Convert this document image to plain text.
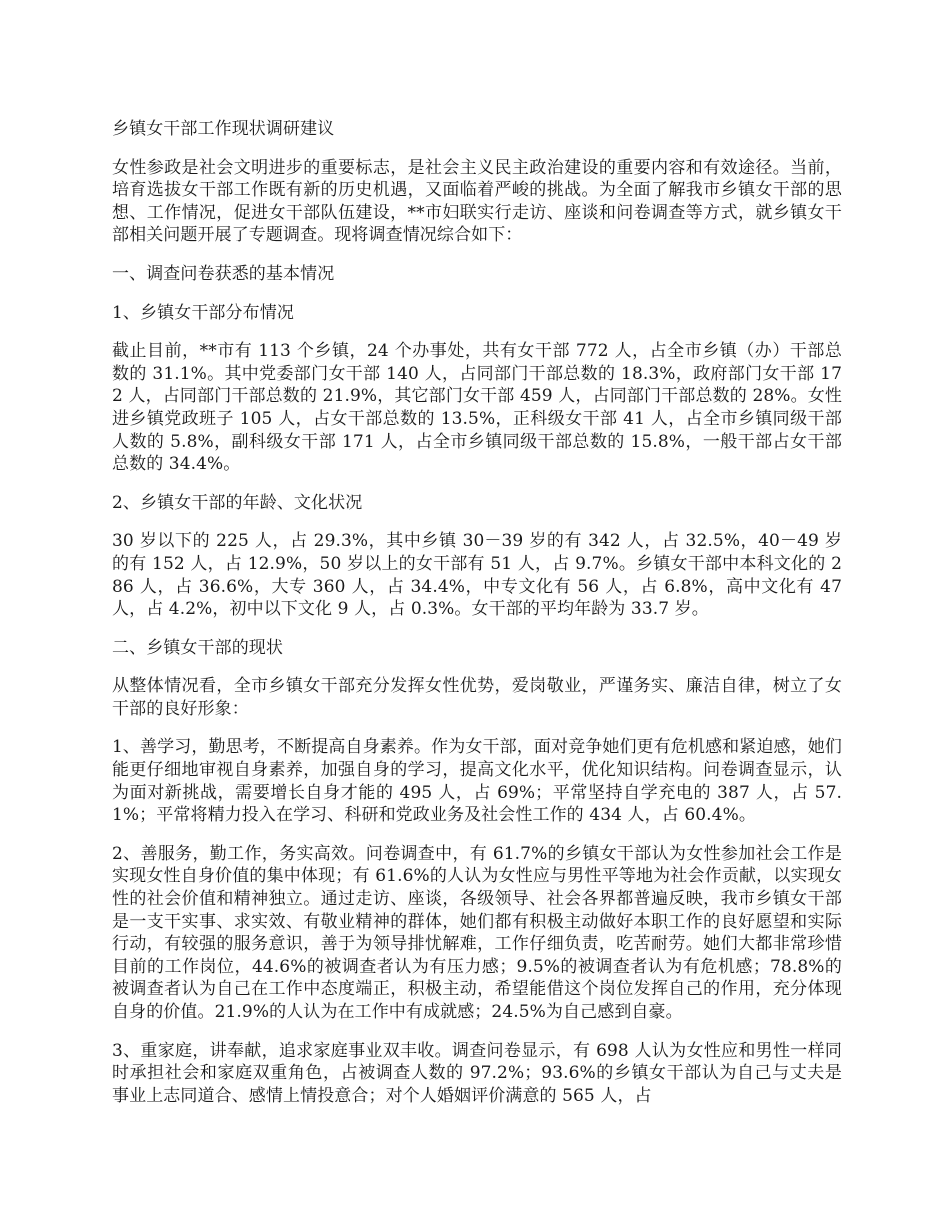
乡镇女干部工作现状调研建议

女性参政是社会文明进步的重要标志，是社会主义民主政治建设的重要内容和有效途径。当前，培育选拔女干部工作既有新的历史机遇，又面临着严峻的挑战。为全面了解我市乡镇女干部的思想、工作情况，促进女干部队伍建设，**市妇联实行走访、座谈和问卷调查等方式，就乡镇女干部相关问题开展了专题调查。现将调查情况综合如下：

一、调查问卷获悉的基本情况

1、乡镇女干部分布情况

截止目前，**市有 113 个乡镇，24 个办事处，共有女干部 772 人，占全市乡镇（办）干部总数的 31.1%。其中党委部门女干部 140 人，占同部门干部总数的 18.3%，政府部门女干部 172 人，占同部门干部总数的 21.9%，其它部门女干部 459 人，占同部门干部总数的 28%。女性进乡镇党政班子 105 人，占女干部总数的 13.5%，正科级女干部 41 人，占全市乡镇同级干部人数的 5.8%，副科级女干部 171 人，占全市乡镇同级干部总数的 15.8%，一般干部占女干部总数的 34.4%。

2、乡镇女干部的年龄、文化状况

30 岁以下的 225 人，占 29.3%，其中乡镇 30－39 岁的有 342 人，占 32.5%，40－49 岁的有 152 人，占 12.9%，50 岁以上的女干部有 51 人，占 9.7%。乡镇女干部中本科文化的 286 人，占 36.6%，大专 360 人，占 34.4%，中专文化有 56 人，占 6.8%，高中文化有 47 人，占 4.2%，初中以下文化 9 人，占 0.3%。女干部的平均年龄为 33.7 岁。

二、乡镇女干部的现状

从整体情况看，全市乡镇女干部充分发挥女性优势，爱岗敬业，严谨务实、廉洁自律，树立了女干部的良好形象：

1、善学习，勤思考，不断提高自身素养。作为女干部，面对竞争她们更有危机感和紧迫感，她们能更仔细地审视自身素养，加强自身的学习，提高文化水平，优化知识结构。问卷调查显示，认为面对新挑战，需要增长自身才能的 495 人，占 69%；平常坚持自学充电的 387 人，占 57.1%；平常将精力投入在学习、科研和党政业务及社会性工作的 434 人，占 60.4%。

2、善服务，勤工作，务实高效。问卷调查中，有 61.7%的乡镇女干部认为女性参加社会工作是实现女性自身价值的集中体现；有 61.6%的人认为女性应与男性平等地为社会作贡献，以实现女性的社会价值和精神独立。通过走访、座谈，各级领导、社会各界都普遍反映，我市乡镇女干部是一支干实事、求实效、有敬业精神的群体，她们都有积极主动做好本职工作的良好愿望和实际行动，有较强的服务意识，善于为领导排忧解难，工作仔细负责，吃苦耐劳。她们大都非常珍惜目前的工作岗位，44.6%的被调查者认为有压力感；9.5%的被调查者认为有危机感；78.8%的被调查者认为自己在工作中态度端正，积极主动，希望能借这个岗位发挥自己的作用，充分体现自身的价值。21.9%的人认为在工作中有成就感；24.5%为自己感到自豪。

3、重家庭，讲奉献，追求家庭事业双丰收。调查问卷显示，有 698 人认为女性应和男性一样同时承担社会和家庭双重角色，占被调查人数的 97.2%；93.6%的乡镇女干部认为自己与丈夫是事业上志同道合、感情上情投意合；对个人婚姻评价满意的 565 人，占
